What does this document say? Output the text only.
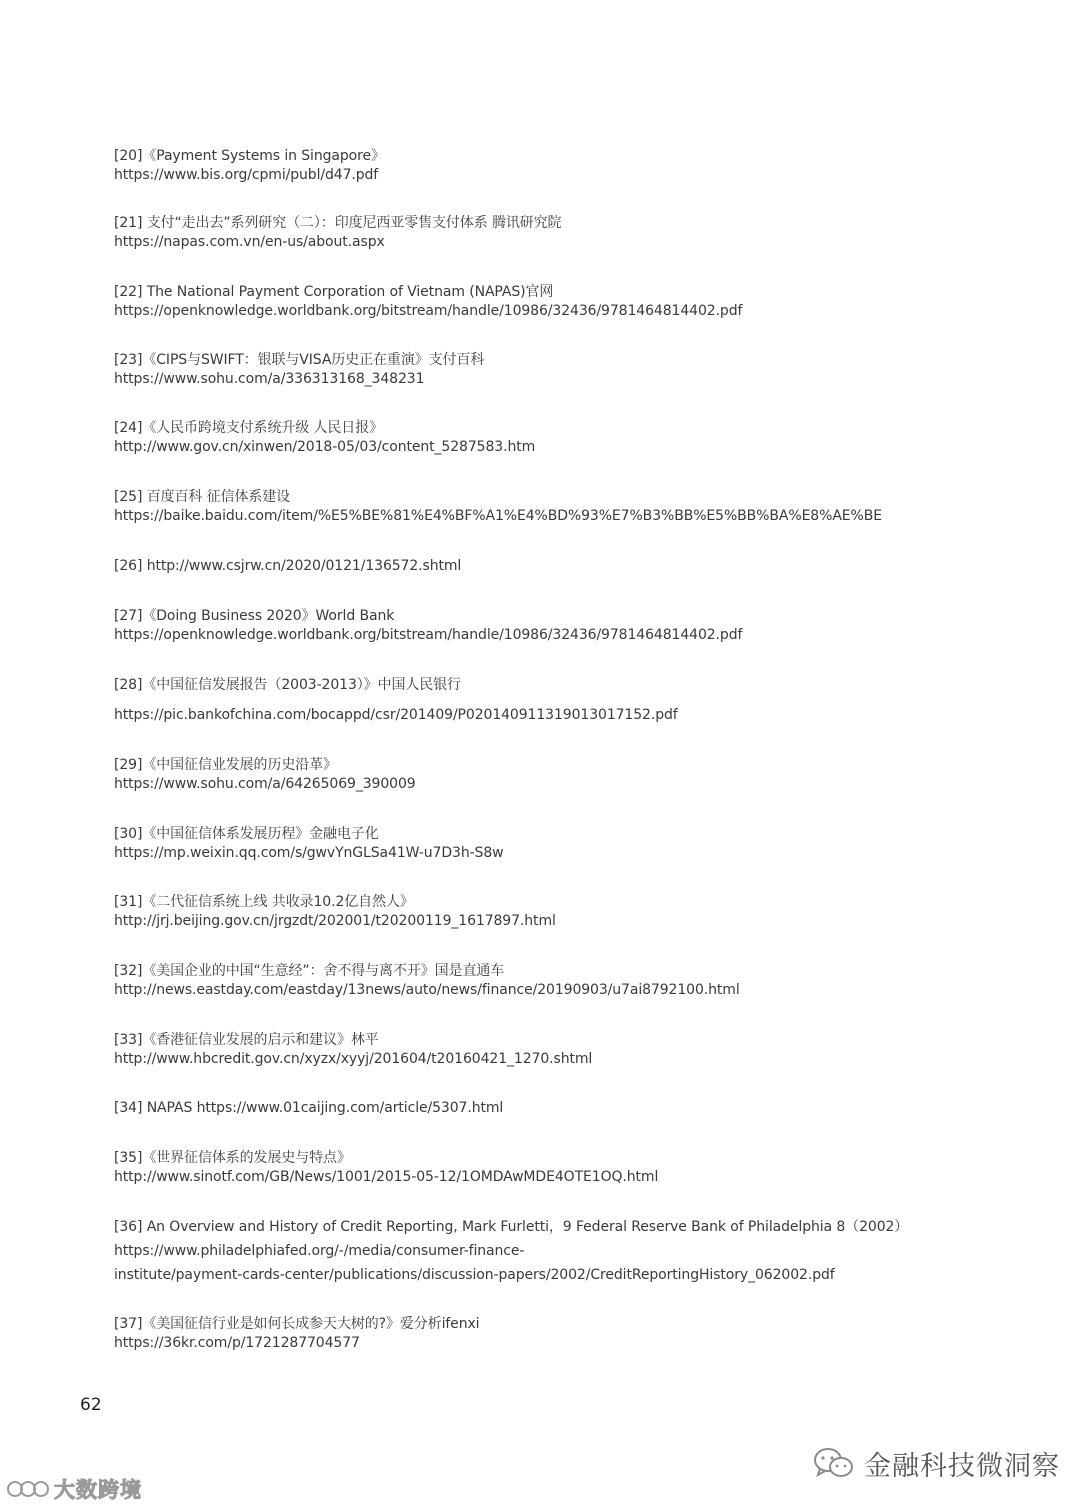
[20]《Payment Systems in Singapore》
https://www.bis.org/cpmi/publ/d47.pdf
[21] 支付“走出去”系列研究（二）：印度尼西亚零售支付体系 腾讯研究院
https://napas.com.vn/en-us/about.aspx
[22] The National Payment Corporation of Vietnam (NAPAS)官网
https://openknowledge.worldbank.org/bitstream/handle/10986/32436/9781464814402.pdf
[23]《CIPS与SWIFT：银联与VISA历史正在重演》支付百科
https://www.sohu.com/a/336313168_348231
[24]《人民币跨境支付系统升级 人民日报》
http://www.gov.cn/xinwen/2018-05/03/content_5287583.htm
[25] 百度百科 征信体系建设
https://baike.baidu.com/item/%E5%BE%81%E4%BF%A1%E4%BD%93%E7%B3%BB%E5%BB%BA%E8%AE%BE
[26] http://www.csjrw.cn/2020/0121/136572.shtml
[27]《Doing Business 2020》World Bank
https://openknowledge.worldbank.org/bitstream/handle/10986/32436/9781464814402.pdf
[28]《中国征信发展报告（2003-2013）》中国人民银行
https://pic.bankofchina.com/bocappd/csr/201409/P020140911319013017152.pdf
[29]《中国征信业发展的历史沿革》
https://www.sohu.com/a/64265069_390009
[30]《中国征信体系发展历程》金融电子化
https://mp.weixin.qq.com/s/gwvYnGLSa41W-u7D3h-S8w
[31]《二代征信系统上线 共收录10.2亿自然人》
http://jrj.beijing.gov.cn/jrgzdt/202001/t20200119_1617897.html
[32]《美国企业的中国“生意经”：舍不得与离不开》国是直通车
http://news.eastday.com/eastday/13news/auto/news/finance/20190903/u7ai8792100.html
[33]《香港征信业发展的启示和建议》林平
http://www.hbcredit.gov.cn/xyzx/xyyj/201604/t20160421_1270.shtml
[34] NAPAS https://www.01caijing.com/article/5307.html
[35]《世界征信体系的发展史与特点》
http://www.sinotf.com/GB/News/1001/2015-05-12/1OMDAwMDE4OTE1OQ.html
[36] An Overview and History of Credit Reporting, Mark Furletti，9 Federal Reserve Bank of Philadelphia 8（2002）
https://www.philadelphiafed.org/-/media/consumer-finance-
institute/payment-cards-center/publications/discussion-papers/2002/CreditReportingHistory_062002.pdf
[37]《美国征信行业是如何长成参天大树的?》爱分析ifenxi
https://36kr.com/p/1721287704577
62
金融科技微洞察
大数跨境
